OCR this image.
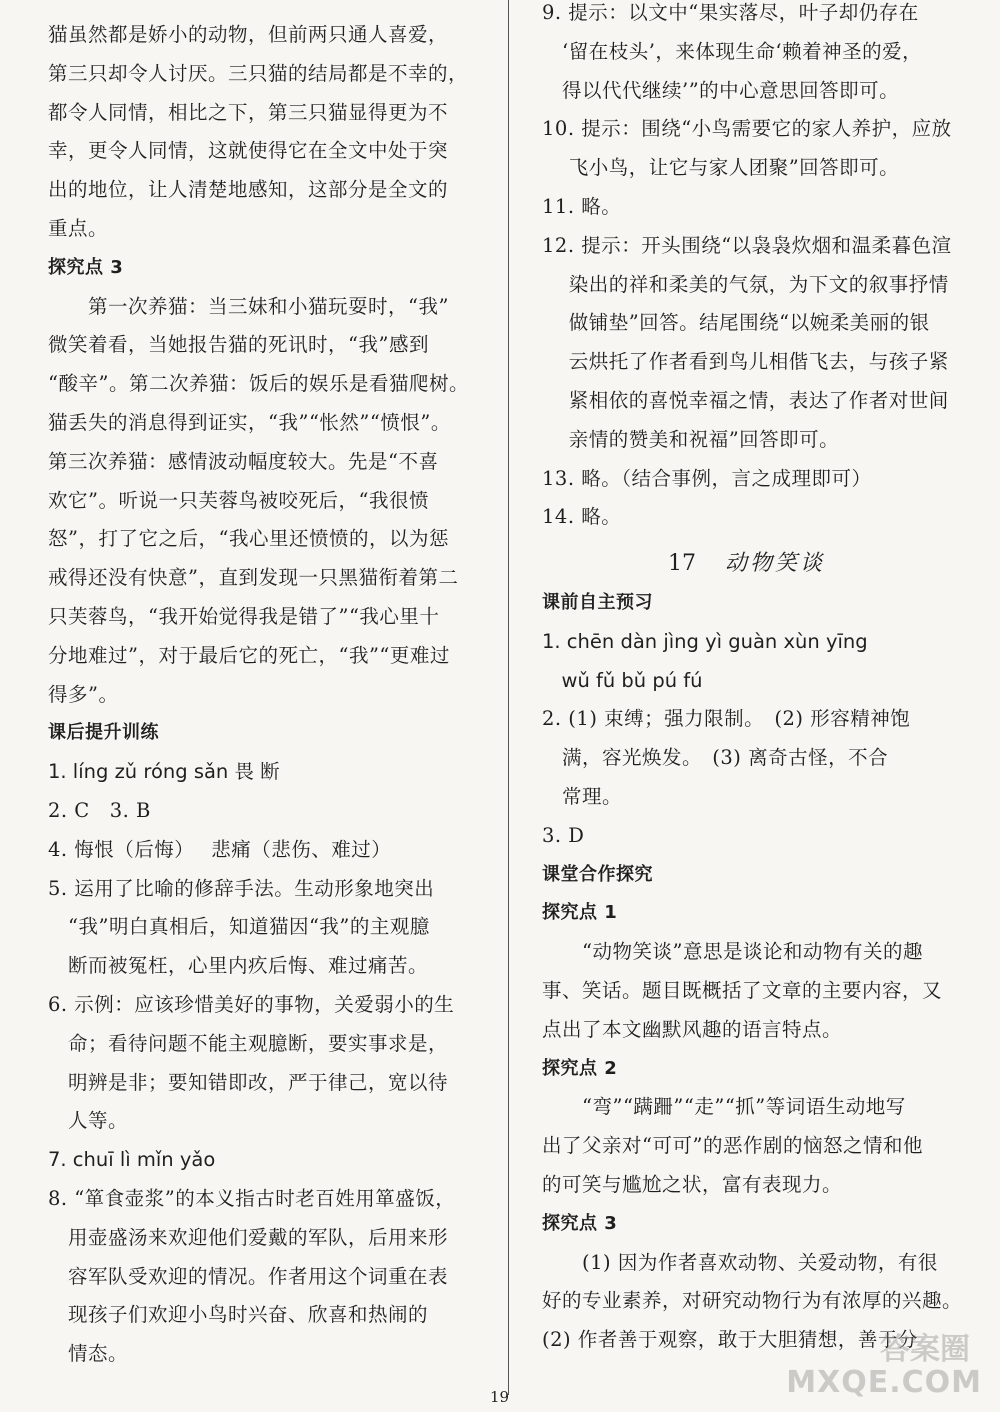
猫虽然都是娇小的动物，但前两只通人喜爱，
第三只却令人讨厌。三只猫的结局都是不幸的，
都令人同情，相比之下，第三只猫显得更为不
幸，更令人同情，这就使得它在全文中处于突
出的地位，让人清楚地感知，这部分是全文的
重点。
探究点 3
　　第一次养猫：当三妹和小猫玩耍时，“我”
微笑着看，当她报告猫的死讯时，“我”感到
“酸辛”。第二次养猫：饭后的娱乐是看猫爬树。
猫丢失的消息得到证实，“我”“怅然”“愤恨”。
第三次养猫：感情波动幅度较大。先是“不喜
欢它”。听说一只芙蓉鸟被咬死后，“我很愤
怒”，打了它之后，“我心里还愤愤的，以为惩
戒得还没有快意”，直到发现一只黑猫衔着第二
只芙蓉鸟，“我开始觉得我是错了”“我心里十
分地难过”，对于最后它的死亡，“我”“更难过
得多”。
课后提升训练
1. líng zǔ róng sǎn 畏 断
2. C　3. B
4. 悔恨（后悔）　 悲痛（悲伤、难过）
5. 运用了比喻的修辞手法。生动形象地突出
　“我”明白真相后，知道猫因“我”的主观臆
　断而被冤枉，心里内疚后悔、难过痛苦。
6. 示例：应该珍惜美好的事物，关爱弱小的生
　命；看待问题不能主观臆断，要实事求是，
　明辨是非；要知错即改，严于律己，宽以待
　人等。
7. chuī lì mǐn yǎo
8. “箪食壶浆”的本义指古时老百姓用箪盛饭，
　用壶盛汤来欢迎他们爱戴的军队，后用来形
　容军队受欢迎的情况。作者用这个词重在表
　现孩子们欢迎小鸟时兴奋、欣喜和热闹的
　情态。
9. 提示：以文中“果实落尽，叶子却仍存在
　‘留在枝头’，来体现生命‘赖着神圣的爱，
　得以代代继续’”的中心意思回答即可。
10. 提示：围绕“小鸟需要它的家人养护，应放
　 飞小鸟，让它与家人团聚”回答即可。
11. 略。
12. 提示：开头围绕“以袅袅炊烟和温柔暮色渲
　 染出的祥和柔美的气氛，为下文的叙事抒情
　 做铺垫”回答。结尾围绕“以婉柔美丽的银
　 云烘托了作者看到鸟儿相偕飞去，与孩子紧
　 紧相依的喜悦幸福之情，表达了作者对世间
　 亲情的赞美和祝福”回答即可。
13. 略。（结合事例，言之成理即可）
14. 略。
课前自主预习
1. chēn dàn jìng yì guàn xùn yīng
　wǔ fǔ bǔ pú fú
2. (1) 束缚；强力限制。　(2) 形容精神饱
　满，容光焕发。　(3) 离奇古怪，不合
　常理。
3. D
课堂合作探究
探究点 1
　　“动物笑谈”意思是谈论和动物有关的趣
事、笑话。题目既概括了文章的主要内容，又
点出了本文幽默风趣的语言特点。
探究点 2
　　“弯”“蹒跚”“走”“抓”等词语生动地写
出了父亲对“可可”的恶作剧的恼怒之情和他
的可笑与尴尬之状，富有表现力。
探究点 3
　　(1) 因为作者喜欢动物、关爱动物，有很
好的专业素养，对研究动物行为有浓厚的兴趣。
(2) 作者善于观察，敢于大胆猜想，善于分
17 动物笑谈
19
答案圈
MXQE.COM
